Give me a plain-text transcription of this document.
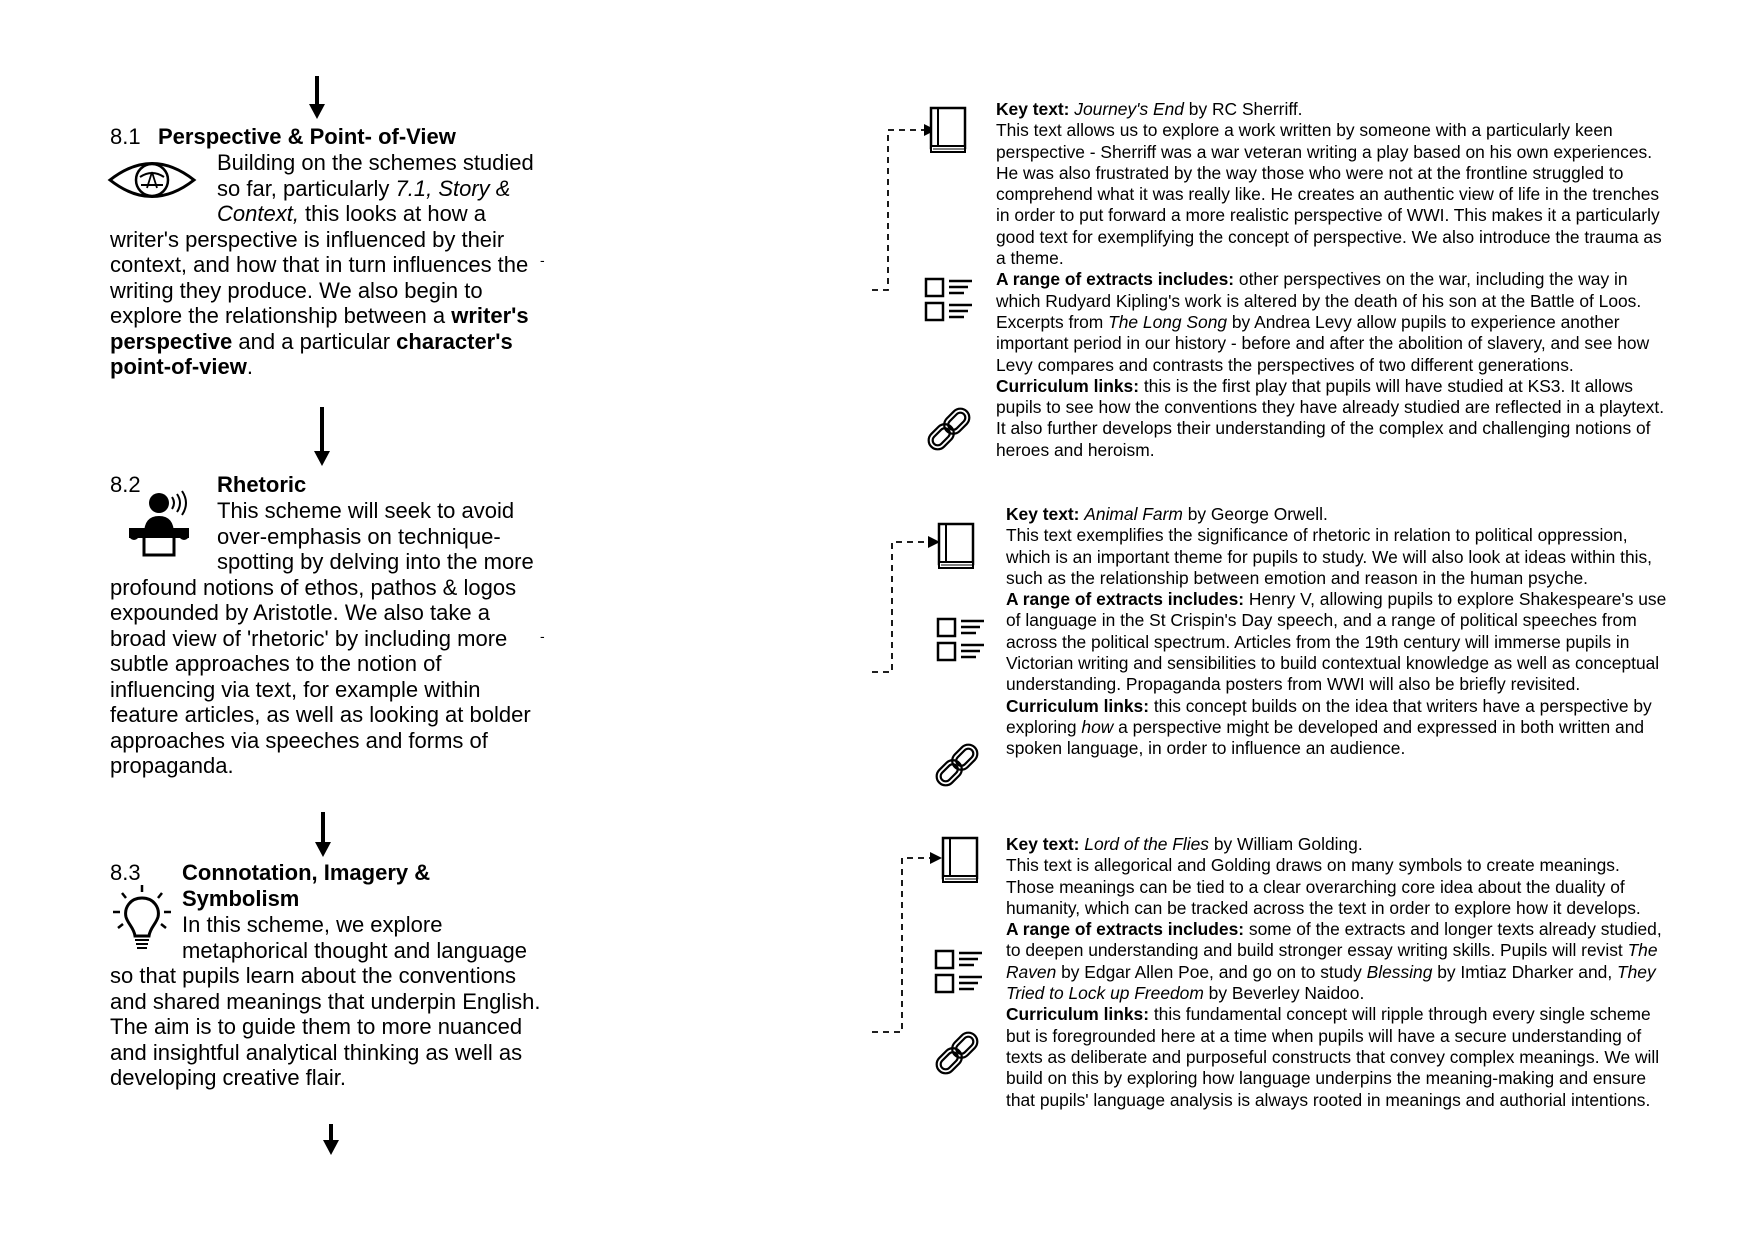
-
-
8.1 Perspective & Point- of-View
8.2	Rhetoric
8.3 Connotation, Imagery &
Symbolism
Building on the schemes studied so far, particularly 7.1, Story & Context, this looks at how a writer's perspective is influenced by their context, and how that in turn influences the writing they produce. We also begin to explore the relationship between a writer's perspective and a particular character's point-of-view.
This scheme will seek to avoid over-emphasis on technique-spotting by delving into the more profound notions of ethos, pathos & logos expounded by Aristotle. We also take a broad view of 'rhetoric' by including more subtle approaches to the notion of influencing via text, for example within feature articles, as well as looking at bolder approaches via speeches and forms of propaganda.
In this scheme, we explore metaphorical thought and language so that pupils learn about the conventions and shared meanings that underpin English. The aim is to guide them to more nuanced and insightful analytical thinking as well as developing creative flair.

Key text: Journey's End by RC Sherriff.

This text allows us to explore a work written by someone with a particularly keen perspective - Sherriff was a war veteran writing a play based on his own experiences. He was also frustrated by the way those who were not at the frontline struggled to comprehend what it was really like. He creates an authentic view of life in the trenches in order to put forward a more realistic perspective of WWI. This makes it a particularly good text for exemplifying the concept of perspective. We also introduce the trauma as a theme.

A range of extracts includes: other perspectives on the war, including the way in which Rudyard Kipling's work is altered by the death of his son at the Battle of Loos. Excerpts from The Long Song by Andrea Levy allow pupils to experience another important period in our history - before and after the abolition of slavery, and see how Levy compares and contrasts the perspectives of two different generations.

Curriculum links: this is the first play that pupils will have studied at KS3. It allows pupils to see how the conventions they have already studied are reflected in a playtext. It also further develops their understanding of the complex and challenging notions of heroes and heroism.

Key text: Animal Farm by George Orwell.

This text exemplifies the significance of rhetoric in relation to political oppression, which is an important theme for pupils to study. We will also look at ideas within this, such as the relationship between emotion and reason in the human psyche.

A range of extracts includes: Henry V, allowing pupils to explore Shakespeare's use of language in the St Crispin's Day speech, and a range of political speeches from across the political spectrum. Articles from the 19th century will immerse pupils in Victorian writing and sensibilities to build contextual knowledge as well as conceptual understanding. Propaganda posters from WWI will also be briefly revisited.

Curriculum links: this concept builds on the idea that writers have a perspective by exploring how a perspective might be developed and expressed in both written and spoken language, in order to influence an audience.

Key text: Lord of the Flies by William Golding.

This text is allegorical and Golding draws on many symbols to create meanings. Those meanings can be tied to a clear overarching core idea about the duality of humanity, which can be tracked across the text in order to explore how it develops.

A range of extracts includes: some of the extracts and longer texts already studied, to deepen understanding and build stronger essay writing skills. Pupils will revist The Raven by Edgar Allen Poe, and go on to study Blessing by Imtiaz Dharker and, They Tried to Lock up Freedom by Beverley Naidoo.

Curriculum links: this fundamental concept will ripple through every single scheme but is foregrounded here at a time when pupils will have a secure understanding of texts as deliberate and purposeful constructs that convey complex meanings. We will build on this by exploring how language underpins the meaning-making and ensure that pupils' language analysis is always rooted in meanings and authorial intentions.
